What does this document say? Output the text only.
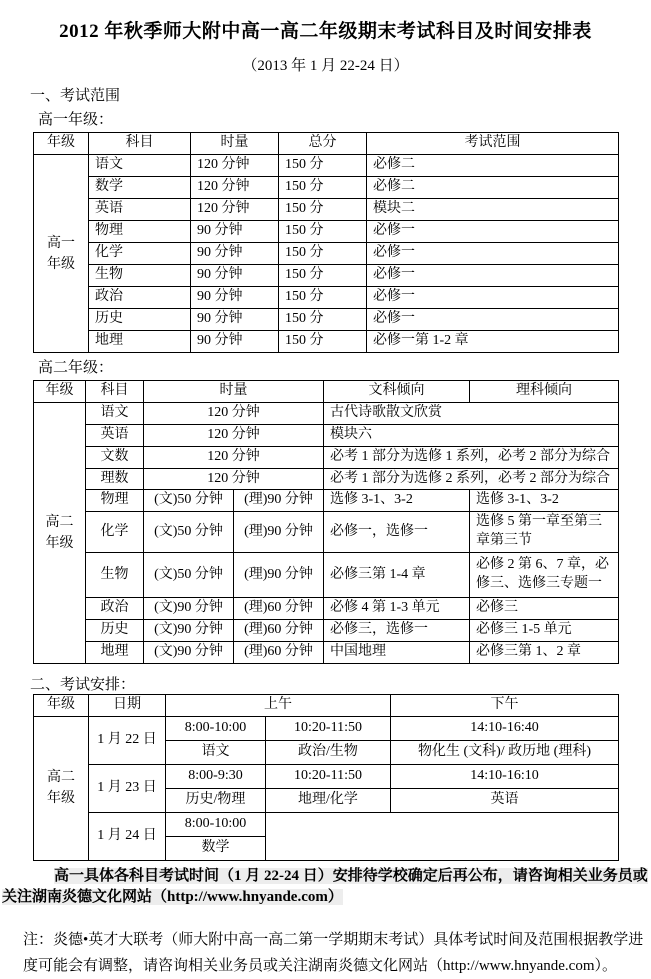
2012 年秋季师大附中高一高二年级期末考试科目及时间安排表
（2013 年 1 月 22-24 日）
一、考试范围
高一年级：
年级	科目	时量	总分	考试范围
高一年级	语文	120 分钟	150 分	必修二
	数学	120 分钟	150 分	必修二
	英语	120 分钟	150 分	模块二
	物理	90 分钟	150 分	必修一
	化学	90 分钟	150 分	必修一
	生物	90 分钟	150 分	必修一
	政治	90 分钟	150 分	必修一
	历史	90 分钟	150 分	必修一
	地理	90 分钟	150 分	必修一第 1-2 章
高二年级：
年级	科目	时量		文科倾向	理科倾向
高二年级	语文	120 分钟		古代诗歌散文欣赏	
	英语	120 分钟		模块六	
	文数	120 分钟		必考 1 部分为选修 1 系列，必考 2 部分为综合	
	理数	120 分钟		必考 1 部分为选修 2 系列，必考 2 部分为综合	
	物理	(文)50 分钟	(理)90 分钟	选修 3-1、3-2	选修 3-1、3-2
	化学	(文)50 分钟	(理)90 分钟	必修一，选修一	选修 5 第一章至第三章第三节
	生物	(文)50 分钟	(理)90 分钟	必修三第 1-4 章	必修 2 第 6、7 章，必修三、选修三专题一
	政治	(文)90 分钟	(理)60 分钟	必修 4 第 1-3 单元	必修三
	历史	(文)90 分钟	(理)60 分钟	必修三，选修一	必修三 1-5 单元
	地理	(文)90 分钟	(理)60 分钟	中国地理	必修三第 1、2 章
二、考试安排：
年级	日期	上午		下午
高二年级	1 月 22 日	8:00-10:00	10:20-11:50	14:10-16:40
		语文	政治/生物	物化生 (文科)/ 政历地 (理科)
	1 月 23 日	8:00-9:30	10:20-11:50	14:10-16:10
		历史/物理	地理/化学	英语
	1 月 24 日	8:00-10:00		
		数学		
高一具体各科目考试时间（1 月 22-24 日）安排待学校确定后再公布，请咨询相关业务员或关注湖南炎德文化网站（http://www.hnyande.com）
注：炎德•英才大联考（师大附中高一高二第一学期期末考试）具体考试时间及范围根据教学进度可能会有调整，请咨询相关业务员或关注湖南炎德文化网站（http://www.hnyande.com）。
